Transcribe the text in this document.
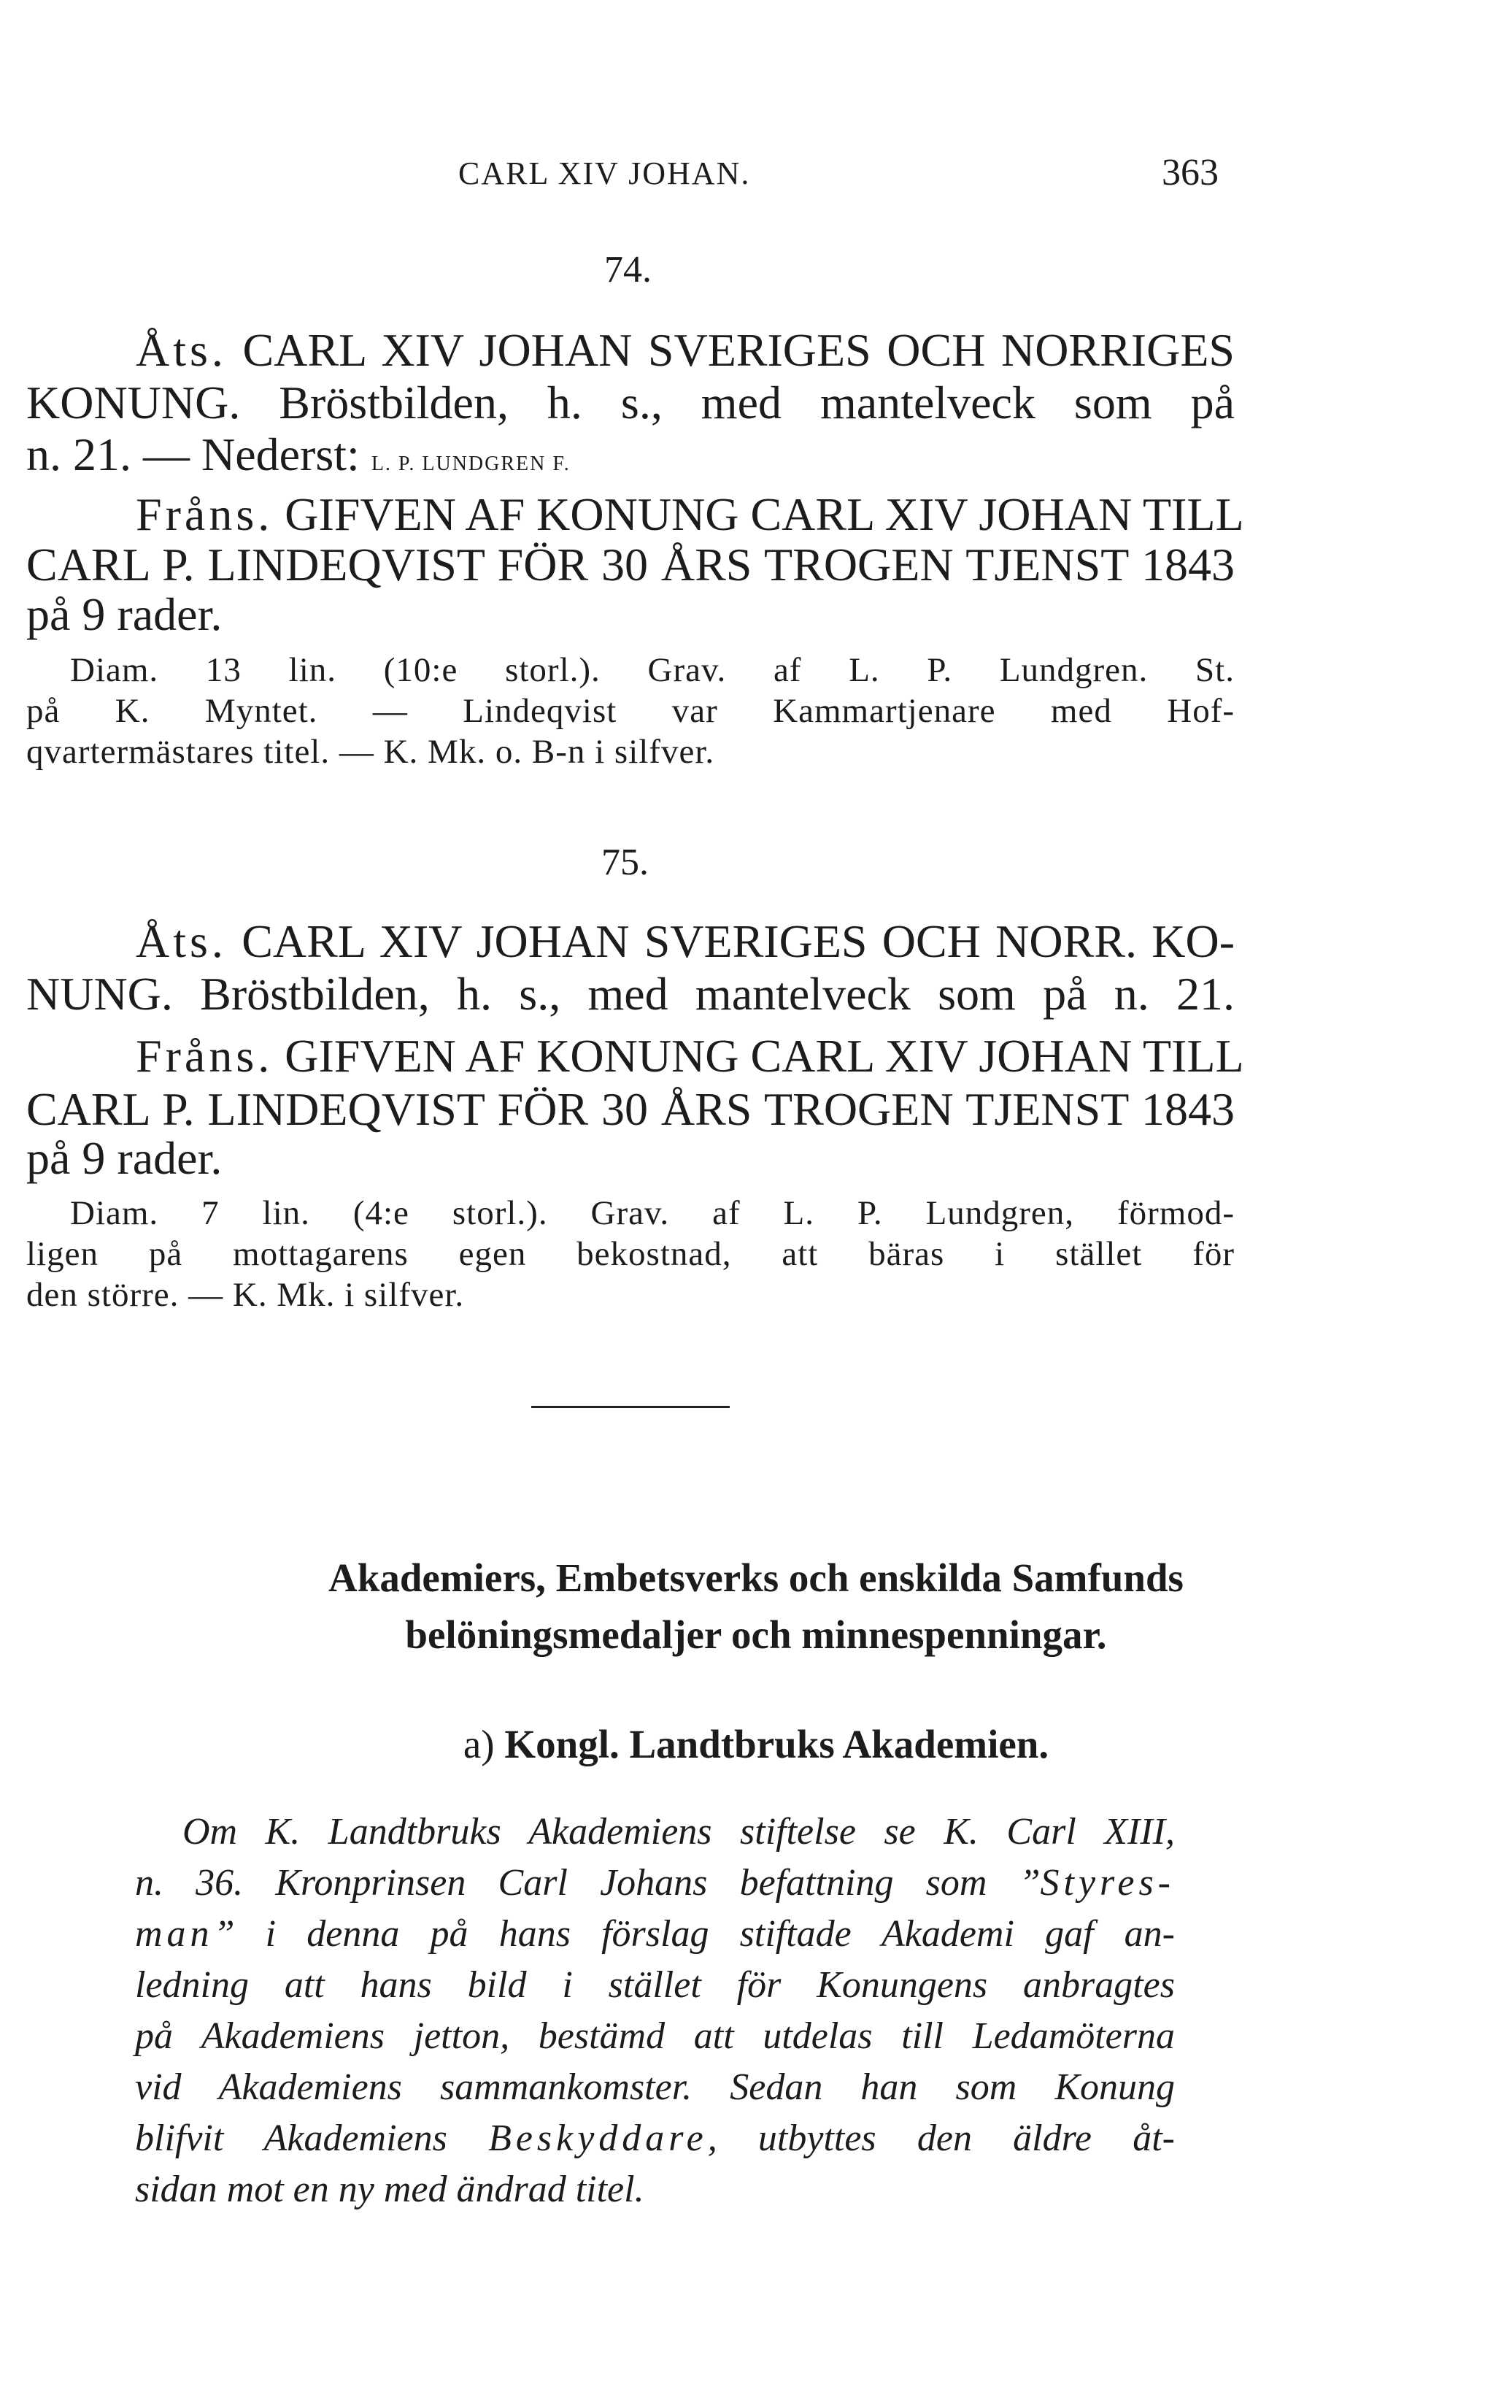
CARL XIV JOHAN.	363
74.
Åts. CARL XIV JOHAN SVERIGES OCH NORRIGES
KONUNG. Bröstbilden, h. s., med mantelveck som på
n. 21. — Nederst: L. P. LUNDGREN F.
Fråns. GIFVEN AF KONUNG CARL XIV JOHAN TILL
CARL P. LINDEQVIST FÖR 30 ÅRS TROGEN TJENST 1843
på 9 rader.
Diam. 13 lin. (10:e storl.). Grav. af L. P. Lundgren. St.
på K. Myntet. — Lindeqvist var Kammartjenare med Hof-
qvartermästares titel. — K. Mk. o. B-n i silfver.
75.
Åts. CARL XIV JOHAN SVERIGES OCH NORR. KO-
NUNG. Bröstbilden, h. s., med mantelveck som på n. 21.
Fråns. GIFVEN AF KONUNG CARL XIV JOHAN TILL
CARL P. LINDEQVIST FÖR 30 ÅRS TROGEN TJENST 1843
på 9 rader.
Diam. 7 lin. (4:e storl.). Grav. af L. P. Lundgren, förmod-
ligen på mottagarens egen bekostnad, att bäras i stället för
den större. — K. Mk. i silfver.
Akademiers, Embetsverks och enskilda Samfunds
belöningsmedaljer och minnespenningar.
a) Kongl. Landtbruks Akademien.
Om K. Landtbruks Akademiens stiftelse se K. Carl XIII,
n. 36. Kronprinsen Carl Johans befattning som ”Styres-
man” i denna på hans förslag stiftade Akademi gaf an-
ledning att hans bild i stället för Konungens anbragtes
på Akademiens jetton, bestämd att utdelas till Ledamöterna
vid Akademiens sammankomster. Sedan han som Konung
blifvit Akademiens Beskyddare, utbyttes den äldre åt-
sidan mot en ny med ändrad titel.
